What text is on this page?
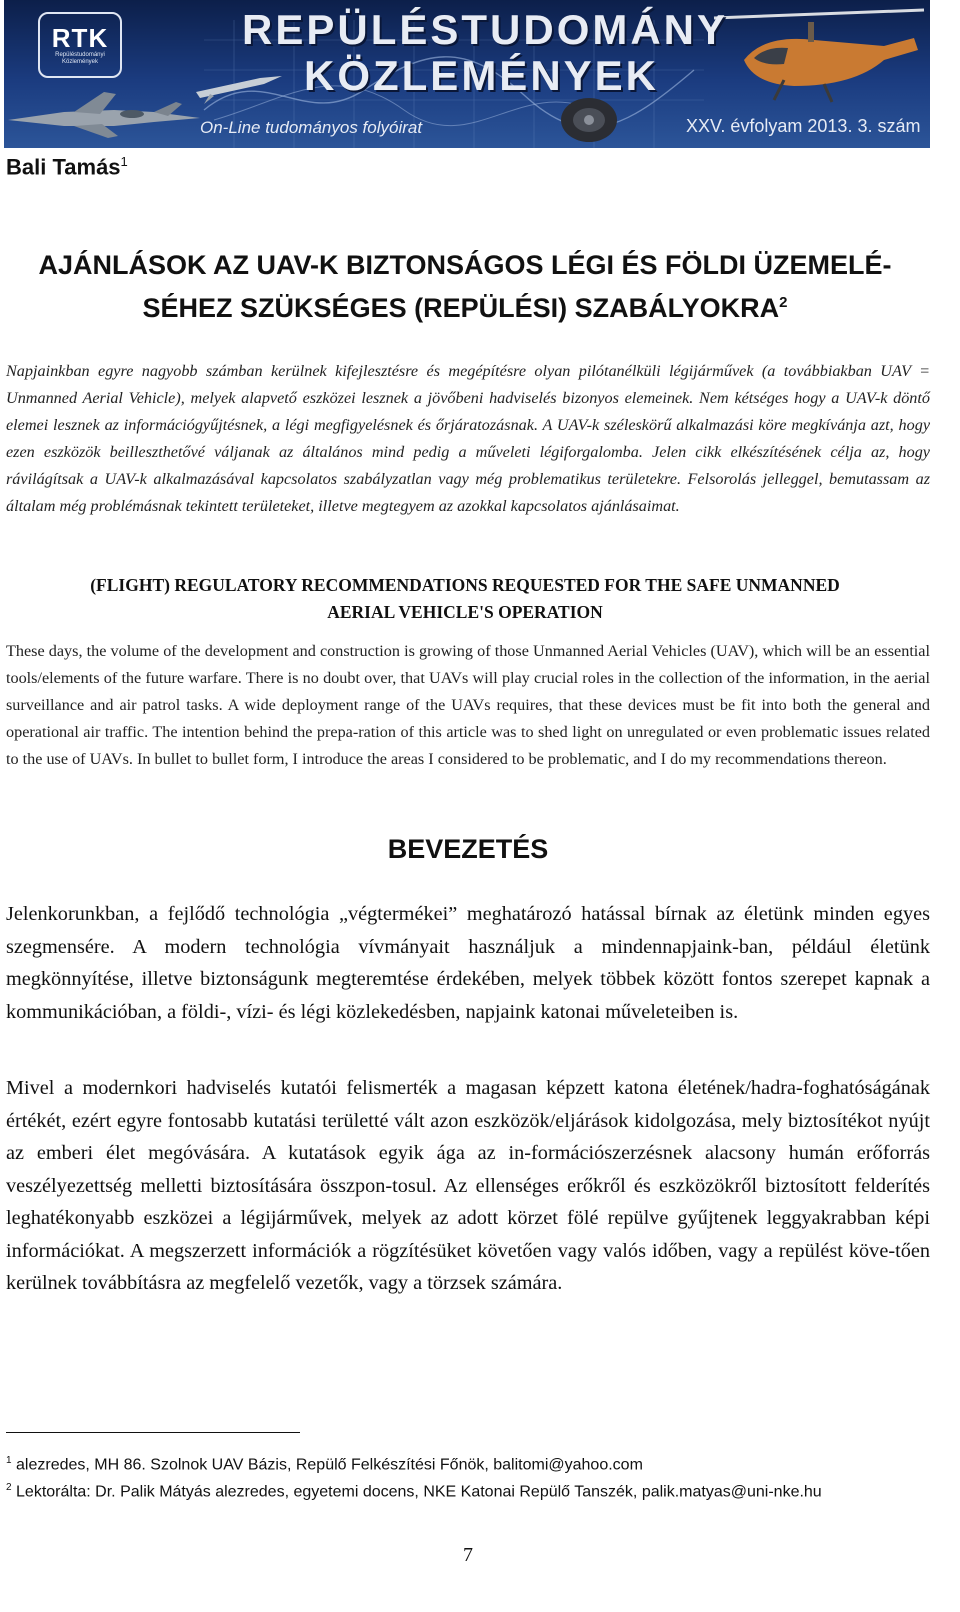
RTK
Repüléstudományi Közlemények
REPÜLÉSTUDOMÁNY
KÖZLEMÉNYEK
On-Line tudományos folyóirat	XXV. évfolyam 2013. 3. szám
Bali Tamás$^1$
AJÁNLÁSOK AZ UAV-K BIZTONSÁGOS LÉGI ÉS FÖLDI ÜZEMELÉ-
SÉHEZ SZÜKSÉGES (REPÜLÉSI) SZABÁLYOKRA$^2$

Napjainkban egyre nagyobb számban kerülnek kifejlesztésre és megépítésre olyan pilótanélküli légijárművek (a továbbiakban UAV = Unmanned Aerial Vehicle), melyek alapvető eszközei lesznek a jövőbeni hadviselés bizonyos elemeinek. Nem kétséges hogy a UAV-k döntő elemei lesznek az információgyűjtésnek, a légi megfigyelésnek és őrjáratozásnak. A UAV-k széleskörű alkalmazási köre megkívánja azt, hogy ezen eszközök beilleszthetővé váljanak az általános mind pedig a műveleti légiforgalomba. Jelen cikk elkészítésének célja az, hogy rávilágítsak a UAV-k alkalmazásával kapcsolatos szabályzatlan vagy még problematikus területekre. Felsorolás jelleggel, bemutassam az általam még problémásnak tekintett területeket, illetve megtegyem az azokkal kapcsolatos ajánlásaimat.

(FLIGHT) REGULATORY RECOMMENDATIONS REQUESTED FOR THE SAFE UNMANNED
AERIAL VEHICLE'S OPERATION

These days, the volume of the development and construction is growing of those Unmanned Aerial Vehicles (UAV), which will be an essential tools/elements of the future warfare. There is no doubt over, that UAVs will play crucial roles in the collection of the information, in the aerial surveillance and air patrol tasks. A wide deployment range of the UAVs requires, that these devices must be fit into both the general and operational air traffic. The intention behind the prepa-ration of this article was to shed light on unregulated or even problematic issues related to the use of UAVs. In bullet to bullet form, I introduce the areas I considered to be problematic, and I do my recommendations thereon.

BEVEZETÉS

Jelenkorunkban, a fejlődő technológia „végtermékei” meghatározó hatással bírnak az életünk minden egyes szegmensére. A modern technológia vívmányait használjuk a mindennapjaink-ban, például életünk megkönnyítése, illetve biztonságunk megteremtése érdekében, melyek többek között fontos szerepet kapnak a kommunikációban, a földi-, vízi- és légi közlekedésben, napjaink katonai műveleteiben is.

Mivel a modernkori hadviselés kutatói felismerték a magasan képzett katona életének/hadra-foghatóságának értékét, ezért egyre fontosabb kutatási területté vált azon eszközök/eljárások kidolgozása, mely biztosítékot nyújt az emberi élet megóvására. A kutatások egyik ága az in-formációszerzésnek alacsony humán erőforrás veszélyezettség melletti biztosítására összpon-tosul. Az ellenséges erőkről és eszközökről biztosított felderítés leghatékonyabb eszközei a légijárművek, melyek az adott körzet fölé repülve gyűjtenek leggyakrabban képi információkat. A megszerzett információk a rögzítésüket követően vagy valós időben, vagy a repülést köve-tően kerülnek továbbításra az megfelelő vezetők, vagy a törzsek számára.

$^1$ alezredes, MH 86. Szolnok UAV Bázis, Repülő Felkészítési Főnök, balitomi@yahoo.com
$^2$ Lektorálta: Dr. Palik Mátyás alezredes, egyetemi docens, NKE Katonai Repülő Tanszék, palik.matyas@uni-nke.hu
7
